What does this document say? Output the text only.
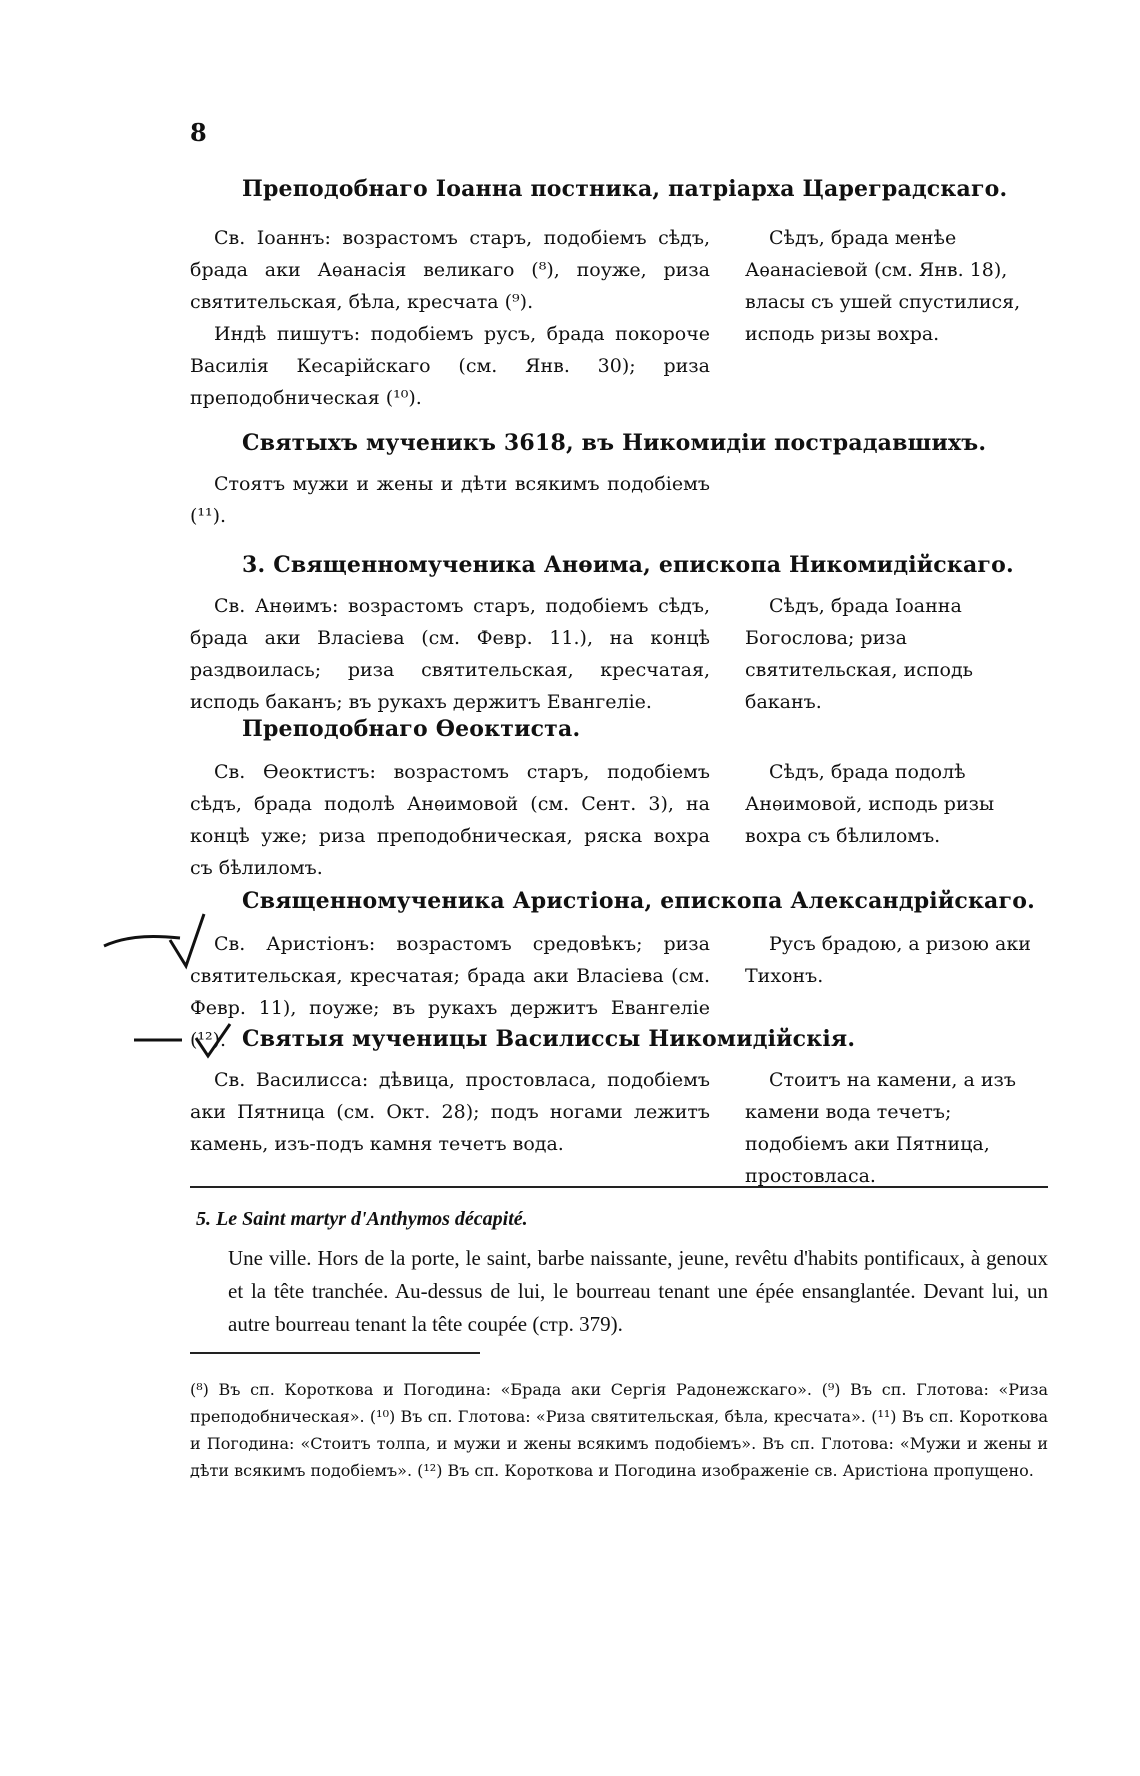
8
Преподобнаго Іоанна постника, патріарха Цареградскаго.

Св. Іоаннъ: возрастомъ старъ, подобіемъ сѣдъ, брада аки Аѳанасія великаго (⁸), поуже, риза святительская, бѣла, кресчата (⁹).

Индѣ пишутъ: подобіемъ русъ, брада покороче Василія Кесарійскаго (см. Янв. 30); риза преподобническая (¹⁰).

Сѣдъ, брада менѣе Аѳанасіевой (см. Янв. 18), власы съ ушей спустилися, исподь ризы вохра.

Святыхъ мученикъ 3618, въ Никомидіи пострадавшихъ.

Стоятъ мужи и жены и дѣти всякимъ подобіемъ (¹¹).

3. Священномученика Анѳима, епископа Никомидійскаго.

Св. Анѳимъ: возрастомъ старъ, подобіемъ сѣдъ, брада аки Власіева (см. Февр. 11.), на концѣ раздвоилась; риза святительская, кресчатая, исподь баканъ; въ рукахъ держитъ Евангеліе.

Сѣдъ, брада Іоанна Богослова; риза святительская, исподь баканъ.

Преподобнаго Ѳеоктиста.

Св. Ѳеоктистъ: возрастомъ старъ, подобіемъ сѣдъ, брада подолѣ Анѳимовой (см. Сент. 3), на концѣ уже; риза преподобническая, ряска вохра съ бѣлиломъ.

Сѣдъ, брада подолѣ Анѳимовой, исподь ризы вохра съ бѣлиломъ.

Священномученика Аристіона, епископа Александрійскаго.

Св. Аристіонъ: возрастомъ средовѣкъ; риза святительская, кресчатая; брада аки Власіева (см. Февр. 11), поуже; въ рукахъ держитъ Евангеліе (¹²).

Русъ брадою, а ризою аки Тихонъ.

Святыя мученицы Василиссы Никомидійскія.

Св. Василисса: дѣвица, простовласа, подобіемъ аки Пятница (см. Окт. 28); подъ ногами лежитъ камень, изъ-подъ камня течетъ вода.

Стоитъ на камени, а изъ камени вода течетъ; подобіемъ аки Пятница, простовласа.

5. Le Saint martyr d'Anthymos décapité.
Une ville. Hors de la porte, le saint, barbe naissante, jeune, revêtu d'habits pontificaux, à genoux et la tête tranchée. Au-dessus de lui, le bourreau tenant une épée ensanglantée. Devant lui, un autre bourreau tenant la tête coupée (стр. 379).
(⁸) Въ сп. Короткова и Погодина: «Брада аки Сергія Радонежскаго». (⁹) Въ сп. Глотова: «Риза преподобническая». (¹⁰) Въ сп. Глотова: «Риза святительская, бѣла, кресчата». (¹¹) Въ сп. Короткова и Погодина: «Стоитъ толпа, и мужи и жены всякимъ подобіемъ». Въ сп. Глотова: «Мужи и жены и дѣти всякимъ подобіемъ». (¹²) Въ сп. Короткова и Погодина изображеніе св. Аристіона пропущено.
